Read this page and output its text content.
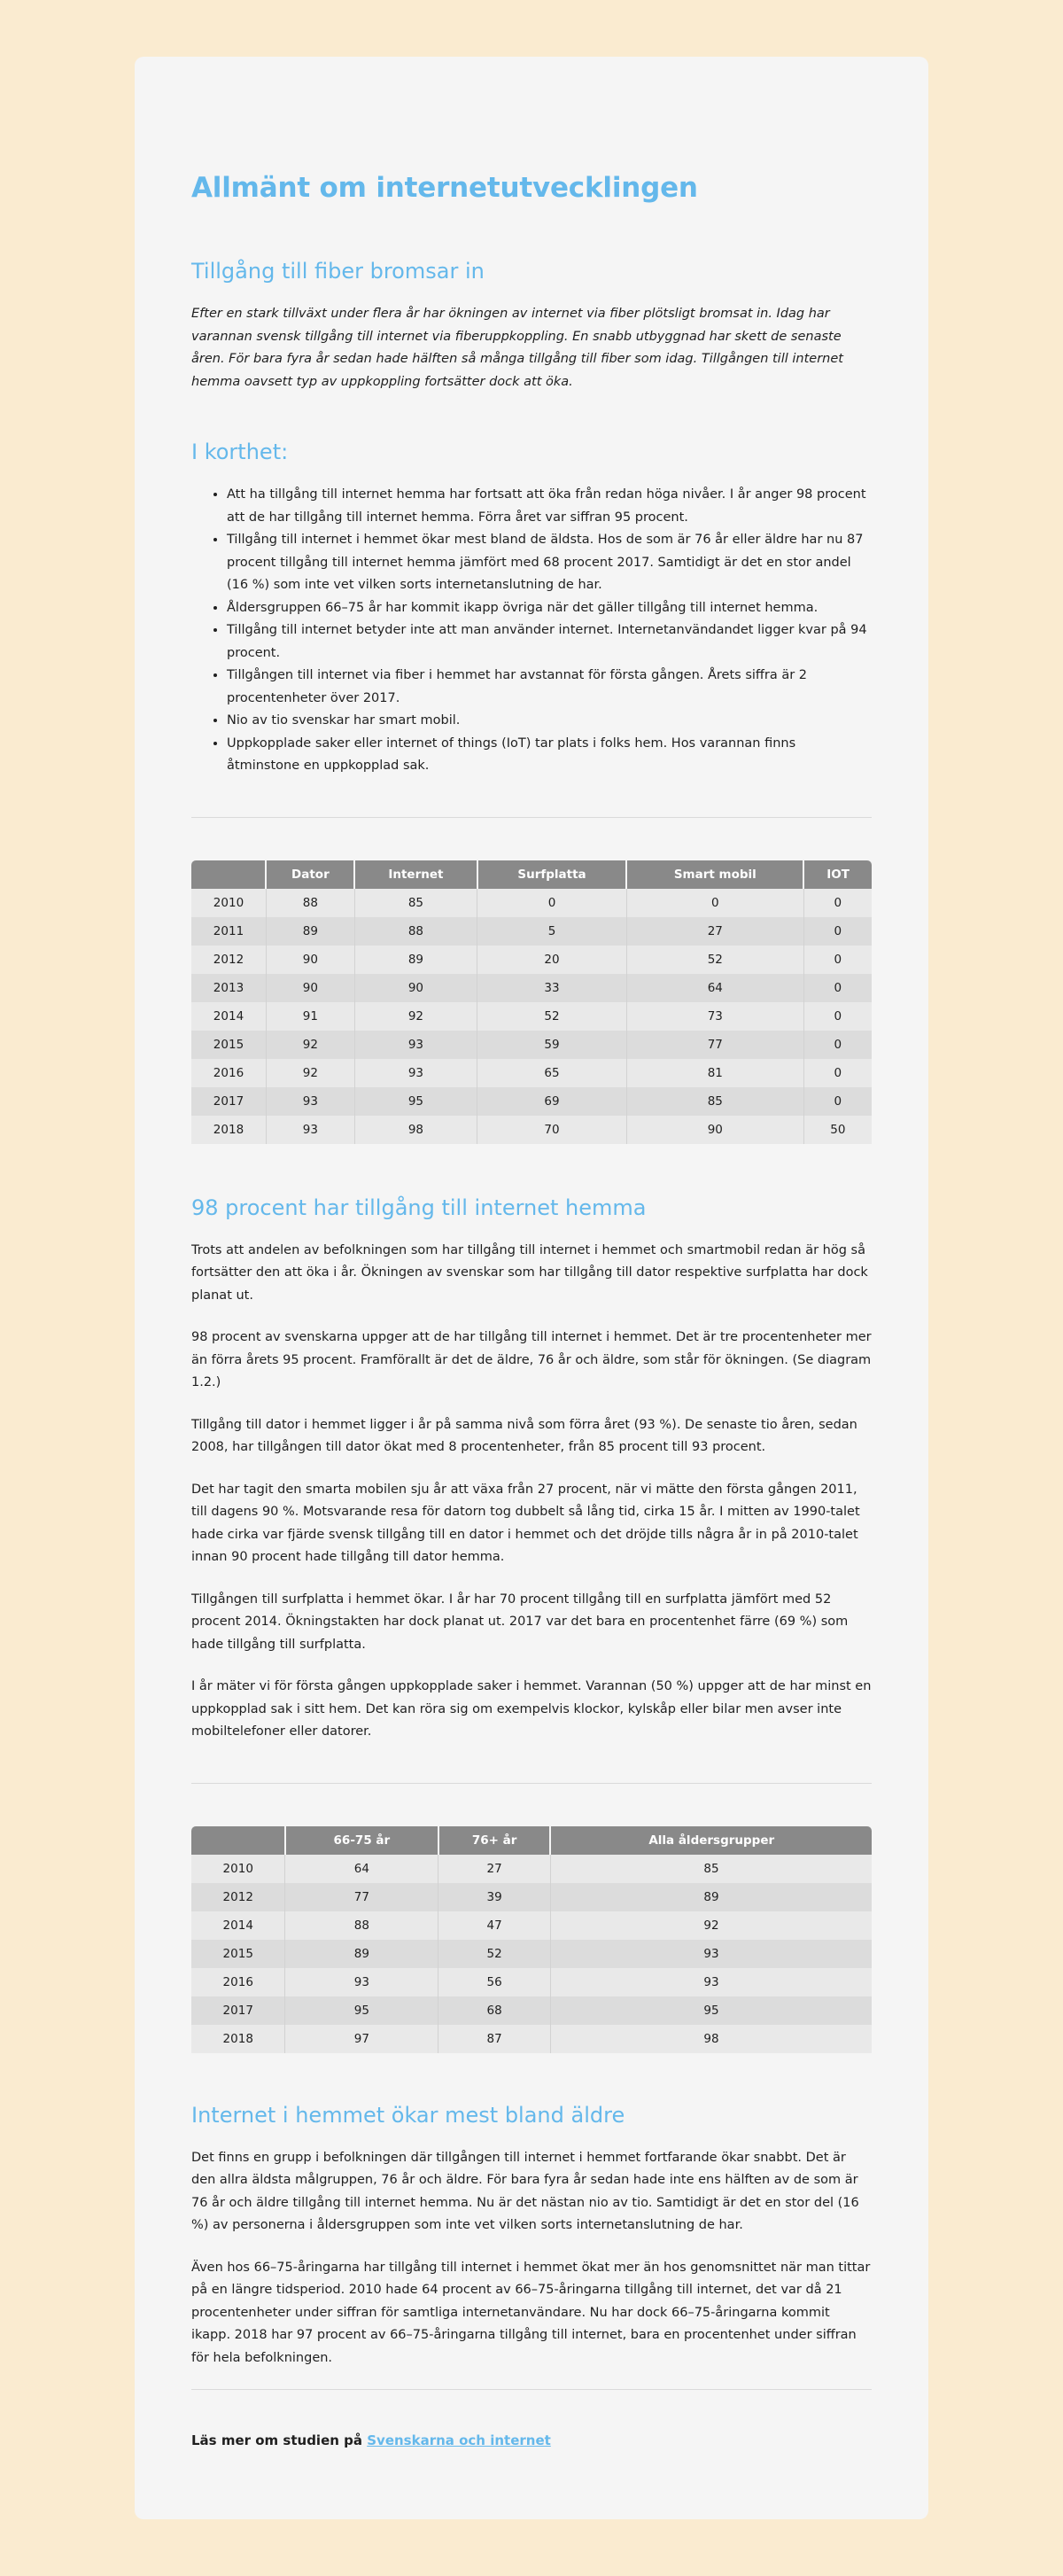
Allmänt om internetutvecklingen
Tillgång till fiber bromsar in

Efter en stark tillväxt under flera år har ökningen av internet via fiber plötsligt bromsat in. Idag har varannan svensk tillgång till internet via fiberuppkoppling. En snabb utbyggnad har skett de senaste åren. För bara fyra år sedan hade hälften så många tillgång till fiber som idag. Tillgången till internet hemma oavsett typ av uppkoppling fortsätter dock att öka.

I korthet:
• Att ha tillgång till internet hemma har fortsatt att öka från redan höga nivåer. I år anger 98 procent att de har tillgång till internet hemma. Förra året var siffran 95 procent.
• Tillgång till internet i hemmet ökar mest bland de äldsta. Hos de som är 76 år eller äldre har nu 87 procent tillgång till internet hemma jämfört med 68 procent 2017. Samtidigt är det en stor andel (16 %) som inte vet vilken sorts internetanslutning de har.
• Åldersgruppen 66–75 år har kommit ikapp övriga när det gäller tillgång till internet hemma.
• Tillgång till internet betyder inte att man använder internet. Internetanvändandet ligger kvar på 94 procent.
• Tillgången till internet via fiber i hemmet har avstannat för första gången. Årets siffra är 2 procentenheter över 2017.
• Nio av tio svenskar har smart mobil.
• Uppkopplade saker eller internet of things (IoT) tar plats i folks hem. Hos varannan finns åtminstone en uppkopplad sak.
	Dator	Internet	Surfplatta	Smart mobil	IOT
2010	88	85	0	0	0
2011	89	88	5	27	0
2012	90	89	20	52	0
2013	90	90	33	64	0
2014	91	92	52	73	0
2015	92	93	59	77	0
2016	92	93	65	81	0
2017	93	95	69	85	0
2018	93	98	70	90	50
98 procent har tillgång till internet hemma

Trots att andelen av befolkningen som har tillgång till internet i hemmet och smartmobil redan är hög så fortsätter den att öka i år. Ökningen av svenskar som har tillgång till dator respektive surfplatta har dock planat ut.

98 procent av svenskarna uppger att de har tillgång till internet i hemmet. Det är tre procentenheter mer än förra årets 95 procent. Framförallt är det de äldre, 76 år och äldre, som står för ökningen. (Se diagram 1.2.)

Tillgång till dator i hemmet ligger i år på samma nivå som förra året (93 %). De senaste tio åren, sedan 2008, har tillgången till dator ökat med 8 procentenheter, från 85 procent till 93 procent.

Det har tagit den smarta mobilen sju år att växa från 27 procent, när vi mätte den första gången 2011, till dagens 90 %. Motsvarande resa för datorn tog dubbelt så lång tid, cirka 15 år. I mitten av 1990-talet hade cirka var fjärde svensk tillgång till en dator i hemmet och det dröjde tills några år in på 2010-talet innan 90 procent hade tillgång till dator hemma.

Tillgången till surfplatta i hemmet ökar. I år har 70 procent tillgång till en surfplatta jämfört med 52 procent 2014. Ökningstakten har dock planat ut. 2017 var det bara en procentenhet färre (69 %) som hade tillgång till surfplatta.

I år mäter vi för första gången uppkopplade saker i hemmet. Varannan (50 %) uppger att de har minst en uppkopplad sak i sitt hem. Det kan röra sig om exempelvis klockor, kylskåp eller bilar men avser inte mobiltelefoner eller datorer.

	66-75 år	76+ år	Alla åldersgrupper
2010	64	27	85
2012	77	39	89
2014	88	47	92
2015	89	52	93
2016	93	56	93
2017	95	68	95
2018	97	87	98
Internet i hemmet ökar mest bland äldre

Det finns en grupp i befolkningen där tillgången till internet i hemmet fortfarande ökar snabbt. Det är den allra äldsta målgruppen, 76 år och äldre. För bara fyra år sedan hade inte ens hälften av de som är 76 år och äldre tillgång till internet hemma. Nu är det nästan nio av tio. Samtidigt är det en stor del (16 %) av personerna i åldersgruppen som inte vet vilken sorts internetanslutning de har.

Även hos 66–75-åringarna har tillgång till internet i hemmet ökat mer än hos genomsnittet när man tittar på en längre tidsperiod. 2010 hade 64 procent av 66–75-åringarna tillgång till internet, det var då 21 procentenheter under siffran för samtliga internetanvändare. Nu har dock 66–75-åringarna kommit ikapp. 2018 har 97 procent av 66–75-åringarna tillgång till internet, bara en procentenhet under siffran för hela befolkningen.

Läs mer om studien på Svenskarna och internet
